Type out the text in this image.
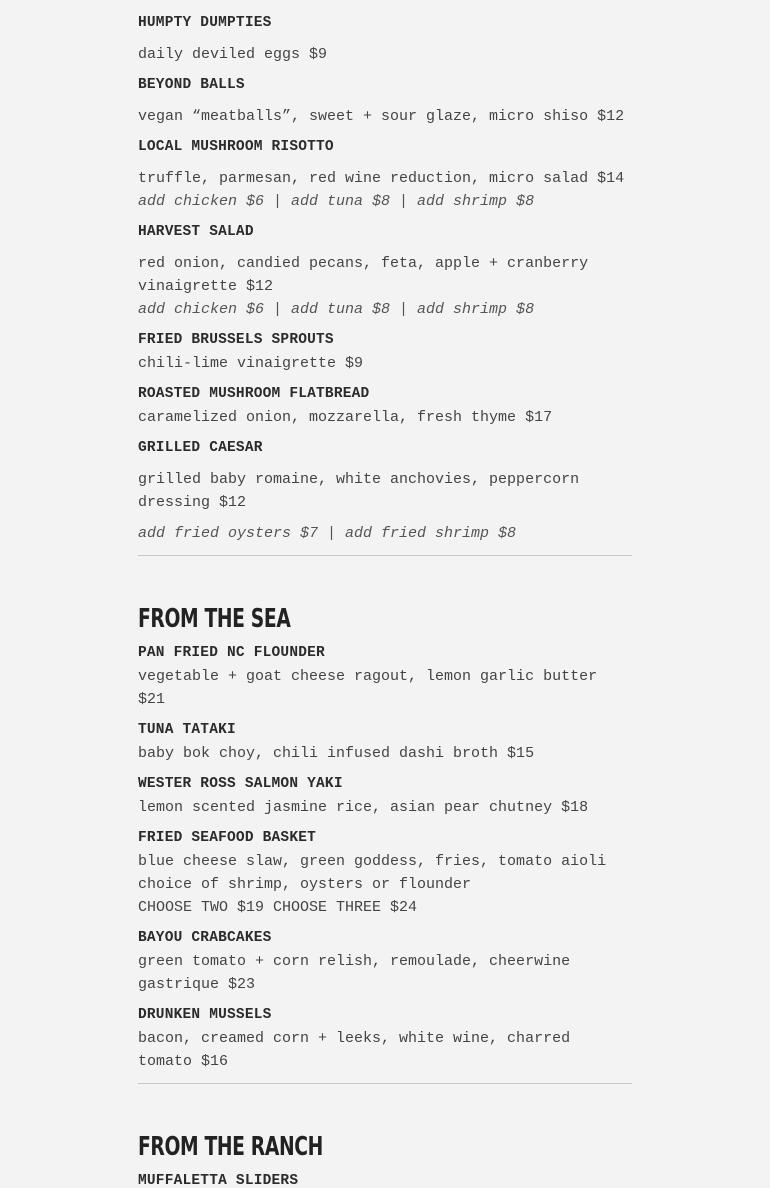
HUMPTY DUMPTIES
daily deviled eggs $9
BEYOND BALLS
vegan “meatballs”, sweet + sour glaze, micro shiso $12
LOCAL MUSHROOM RISOTTO
truffle, parmesan, red wine reduction, micro salad $14
add chicken $6 | add tuna $8 | add shrimp $8
HARVEST SALAD
red onion, candied pecans, feta, apple + cranberry vinaigrette $12
add chicken $6 | add tuna $8 | add shrimp $8
FRIED BRUSSELS SPROUTS
chili-lime vinaigrette $9
ROASTED MUSHROOM FLATBREAD
caramelized onion, mozzarella, fresh thyme $17
GRILLED CAESAR
grilled baby romaine, white anchovies, peppercorn dressing $12
add fried oysters $7 | add fried shrimp $8
FROM THE SEA
PAN FRIED NC FLOUNDER
vegetable + goat cheese ragout, lemon garlic butter $21
TUNA TATAKI
baby bok choy, chili infused dashi broth $15
WESTER ROSS SALMON YAKI
lemon scented jasmine rice, asian pear chutney $18
FRIED SEAFOOD BASKET
blue cheese slaw, green goddess, fries, tomato aioli
choice of shrimp, oysters or flounder
CHOOSE TWO $19 CHOOSE THREE $24
BAYOU CRABCAKES
green tomato + corn relish, remoulade, cheerwine gastrique $23
DRUNKEN MUSSELS
bacon, creamed corn + leeks, white wine, charred tomato $16
FROM THE RANCH
MUFFALETTA SLIDERS
